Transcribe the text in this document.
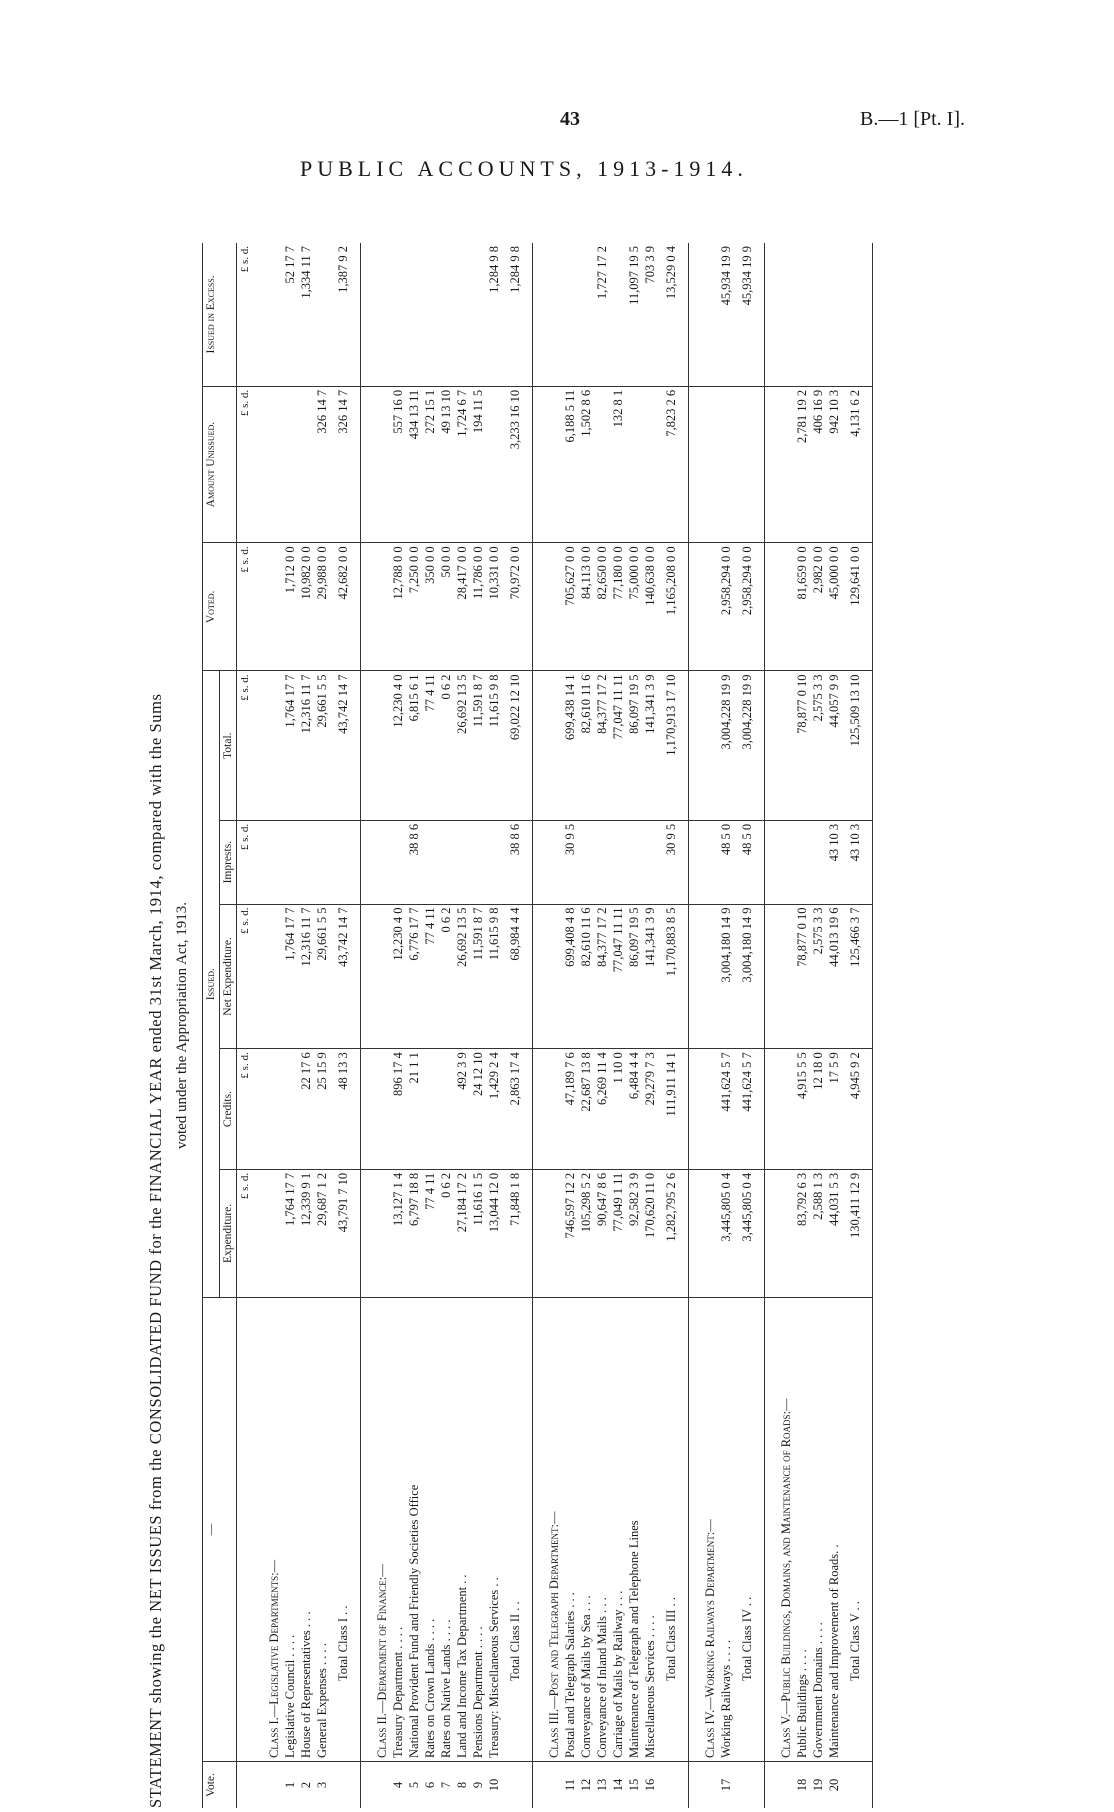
43	B.—1 [Pt. I].
PUBLIC ACCOUNTS, 1913-1914.
STATEMENT showing the NET ISSUES from the CONSOLIDATED FUND for the FINANCIAL YEAR ended 31st March, 1914, compared with the Sums voted under the Appropriation Act, 1913.
Vote.	—	Issued.					Voted.	Amount Unissued.	Issued in Excess.
		Expenditure.	Credits.	Net Expenditure.	Imprests.	Total.			
		£ s. d.	£ s. d.	£ s. d.	£ s. d.	£ s. d.	£ s. d.	£ s. d.	£ s. d.
	Class I.—Legislative Departments:—								
1	Legislative Council . . . .	1,764 17 7		1,764 17 7		1,764 17 7	1,712 0 0		52 17 7
2	House of Representatives . . .	12,339 9 1	22 17 6	12,316 11 7		12,316 11 7	10,982 0 0		1,334 11 7
3	General Expenses . . . .	29,687 1 2	25 15 9	29,661 5 5		29,661 5 5	29,988 0 0	326 14 7	
	Total Class I . .	43,791 7 10	48 13 3	43,742 14 7		43,742 14 7	42,682 0 0	326 14 7	1,387 9 2
	Class II.—Department of Finance:—								
4	Treasury Department . . . .	13,127 1 4	896 17 4	12,230 4 0		12,230 4 0	12,788 0 0	557 16 0	
5	National Provident Fund and Friendly Societies Office	6,797 18 8	21 1 1	6,776 17 7	38 8 6	6,815 6 1	7,250 0 0	434 13 11	
6	Rates on Crown Lands . . . .	77 4 11		77 4 11		77 4 11	350 0 0	272 15 1	
7	Rates on Native Lands . . . .	0 6 2		0 6 2		0 6 2	50 0 0	49 13 10	
8	Land and Income Tax Department . .	27,184 17 2	492 3 9	26,692 13 5		26,692 13 5	28,417 0 0	1,724 6 7	
9	Pensions Department . . . .	11,616 1 5	24 12 10	11,591 8 7		11,591 8 7	11,786 0 0	194 11 5	
10	Treasury: Miscellaneous Services . .	13,044 12 0	1,429 2 4	11,615 9 8		11,615 9 8	10,331 0 0		1,284 9 8
	Total Class II . .	71,848 1 8	2,863 17 4	68,984 4 4	38 8 6	69,022 12 10	70,972 0 0	3,233 16 10	1,284 9 8
	Class III.—Post and Telegraph Department:—								
11	Postal and Telegraph Salaries . . .	746,597 12 2	47,189 7 6	699,408 4 8	30 9 5	699,438 14 1	705,627 0 0	6,188 5 11	
12	Conveyance of Mails by Sea . . .	105,298 5 2	22,687 13 8	82,610 11 6		82,610 11 6	84,113 0 0	1,502 8 6	
13	Conveyance of Inland Mails . . .	90,647 8 6	6,269 11 4	84,377 17 2		84,377 17 2	82,650 0 0		1,727 17 2
14	Carriage of Mails by Railway . . .	77,049 1 11	1 10 0	77,047 11 11		77,047 11 11	77,180 0 0	132 8 1	
15	Maintenance of Telegraph and Telephone Lines	92,582 3 9	6,484 4 4	86,097 19 5		86,097 19 5	75,000 0 0		11,097 19 5
16	Miscellaneous Services . . . .	170,620 11 0	29,279 7 3	141,341 3 9		141,341 3 9	140,638 0 0		703 3 9
	Total Class III . .	1,282,795 2 6	111,911 14 1	1,170,883 8 5	30 9 5	1,170,913 17 10	1,165,208 0 0	7,823 2 6	13,529 0 4
	Class IV.—Working Railways Department:—								
17	Working Railways . . . .	3,445,805 0 4	441,624 5 7	3,004,180 14 9	48 5 0	3,004,228 19 9	2,958,294 0 0		45,934 19 9
	Total Class IV . .	3,445,805 0 4	441,624 5 7	3,004,180 14 9	48 5 0	3,004,228 19 9	2,958,294 0 0		45,934 19 9
	Class V.—Public Buildings, Domains, and Maintenance of Roads:—								
18	Public Buildings . . . .	83,792 6 3	4,915 5 5	78,877 0 10		78,877 0 10	81,659 0 0	2,781 19 2	
19	Government Domains . . . .	2,588 1 3	12 18 0	2,575 3 3		2,575 3 3	2,982 0 0	406 16 9	
20	Maintenance and Improvement of Roads. .	44,031 5 3	17 5 9	44,013 19 6	43 10 3	44,057 9 9	45,000 0 0	942 10 3	
	Total Class V . .	130,411 12 9	4,945 9 2	125,466 3 7	43 10 3	125,509 13 10	129,641 0 0	4,131 6 2	
